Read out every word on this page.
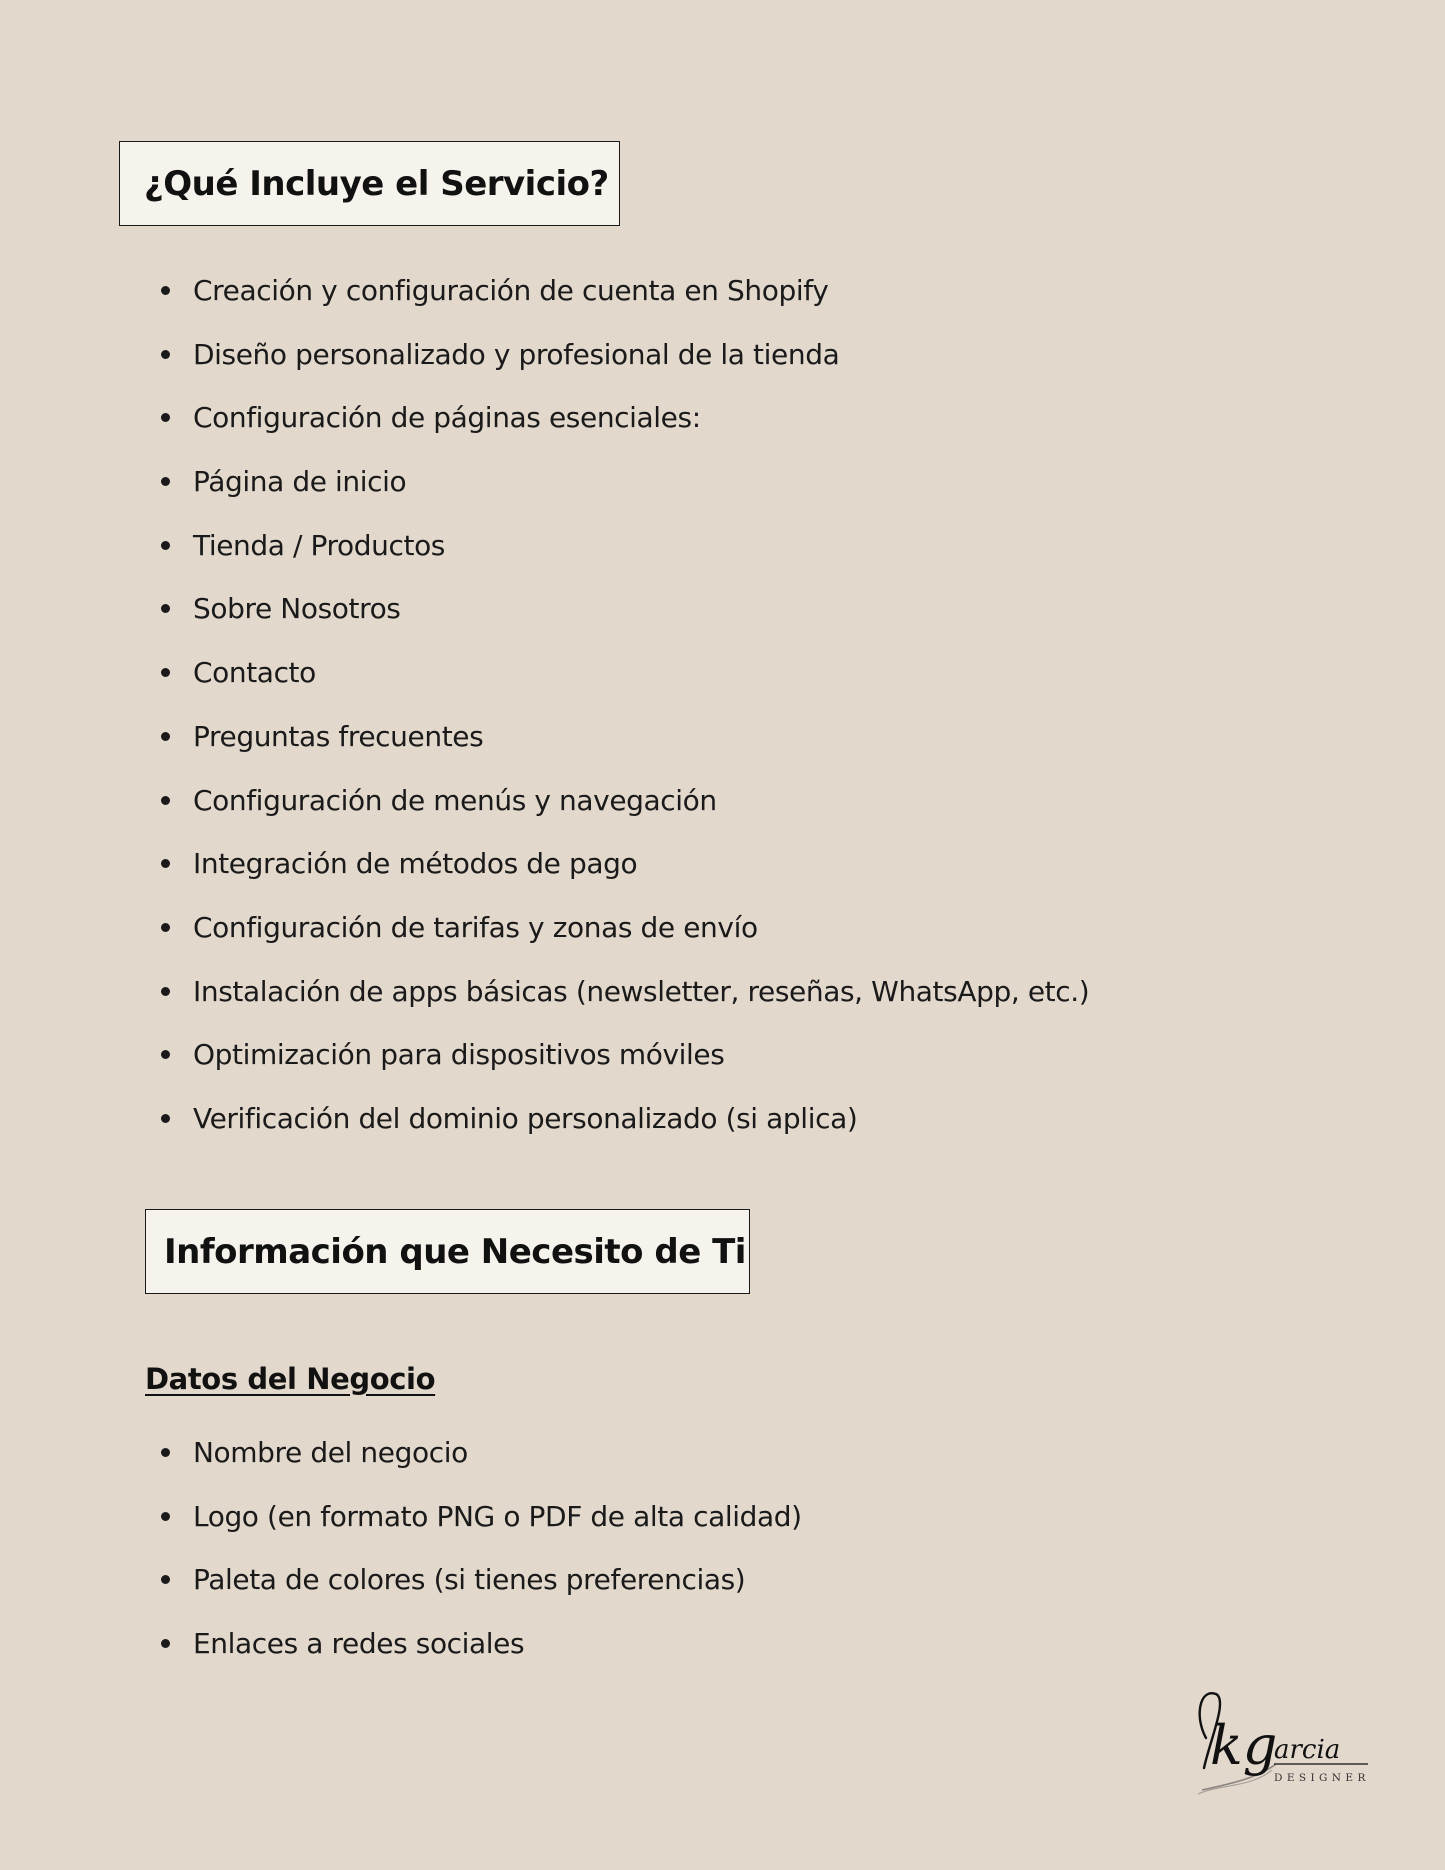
¿Qué Incluye el Servicio?
Creación y configuración de cuenta en Shopify
Diseño personalizado y profesional de la tienda
Configuración de páginas esenciales:
Página de inicio
Tienda / Productos
Sobre Nosotros
Contacto
Preguntas frecuentes
Configuración de menús y navegación
Integración de métodos de pago
Configuración de tarifas y zonas de envío
Instalación de apps básicas (newsletter, reseñas, WhatsApp, etc.)
Optimización para dispositivos móviles
Verificación del dominio personalizado (si aplica)
Información que Necesito de Ti
Datos del Negocio
Nombre del negocio
Logo (en formato PNG o PDF de alta calidad)
Paleta de colores (si tienes preferencias)
Enlaces a redes sociales
kg
arcia
DESIGNER
